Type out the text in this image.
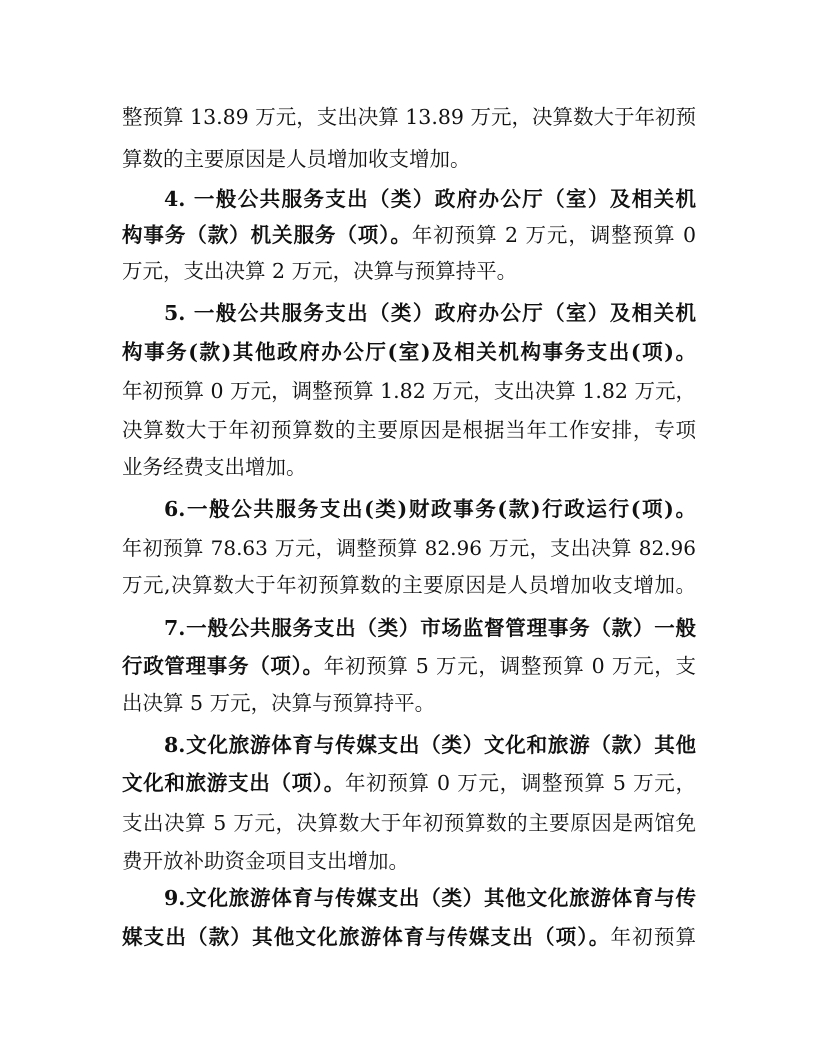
整预算 13.89 万元，支出决算 13.89 万元，决算数大于年初预
算数的主要原因是人员增加收支增加。
4. 一般公共服务支出（类）政府办公厅（室）及相关机
构事务（款）机关服务（项）。年初预算 2 万元，调整预算 0
万元，支出决算 2 万元，决算与预算持平。
5. 一般公共服务支出（类）政府办公厅（室）及相关机
构事务(款)其他政府办公厅(室)及相关机构事务支出(项)。
年初预算 0 万元，调整预算 1.82 万元，支出决算 1.82 万元，
决算数大于年初预算数的主要原因是根据当年工作安排，专项
业务经费支出增加。
6.一般公共服务支出(类)财政事务(款)行政运行(项)。
年初预算 78.63 万元，调整预算 82.96 万元，支出决算 82.96
万元,决算数大于年初预算数的主要原因是人员增加收支增加。
7.一般公共服务支出（类）市场监督管理事务（款）一般
行政管理事务（项）。年初预算 5 万元，调整预算 0 万元，支
出决算 5 万元，决算与预算持平。
8.文化旅游体育与传媒支出（类）文化和旅游（款）其他
文化和旅游支出（项）。年初预算 0 万元，调整预算 5 万元，
支出决算 5 万元，决算数大于年初预算数的主要原因是两馆免
费开放补助资金项目支出增加。
9.文化旅游体育与传媒支出（类）其他文化旅游体育与传
媒支出（款）其他文化旅游体育与传媒支出（项）。年初预算
